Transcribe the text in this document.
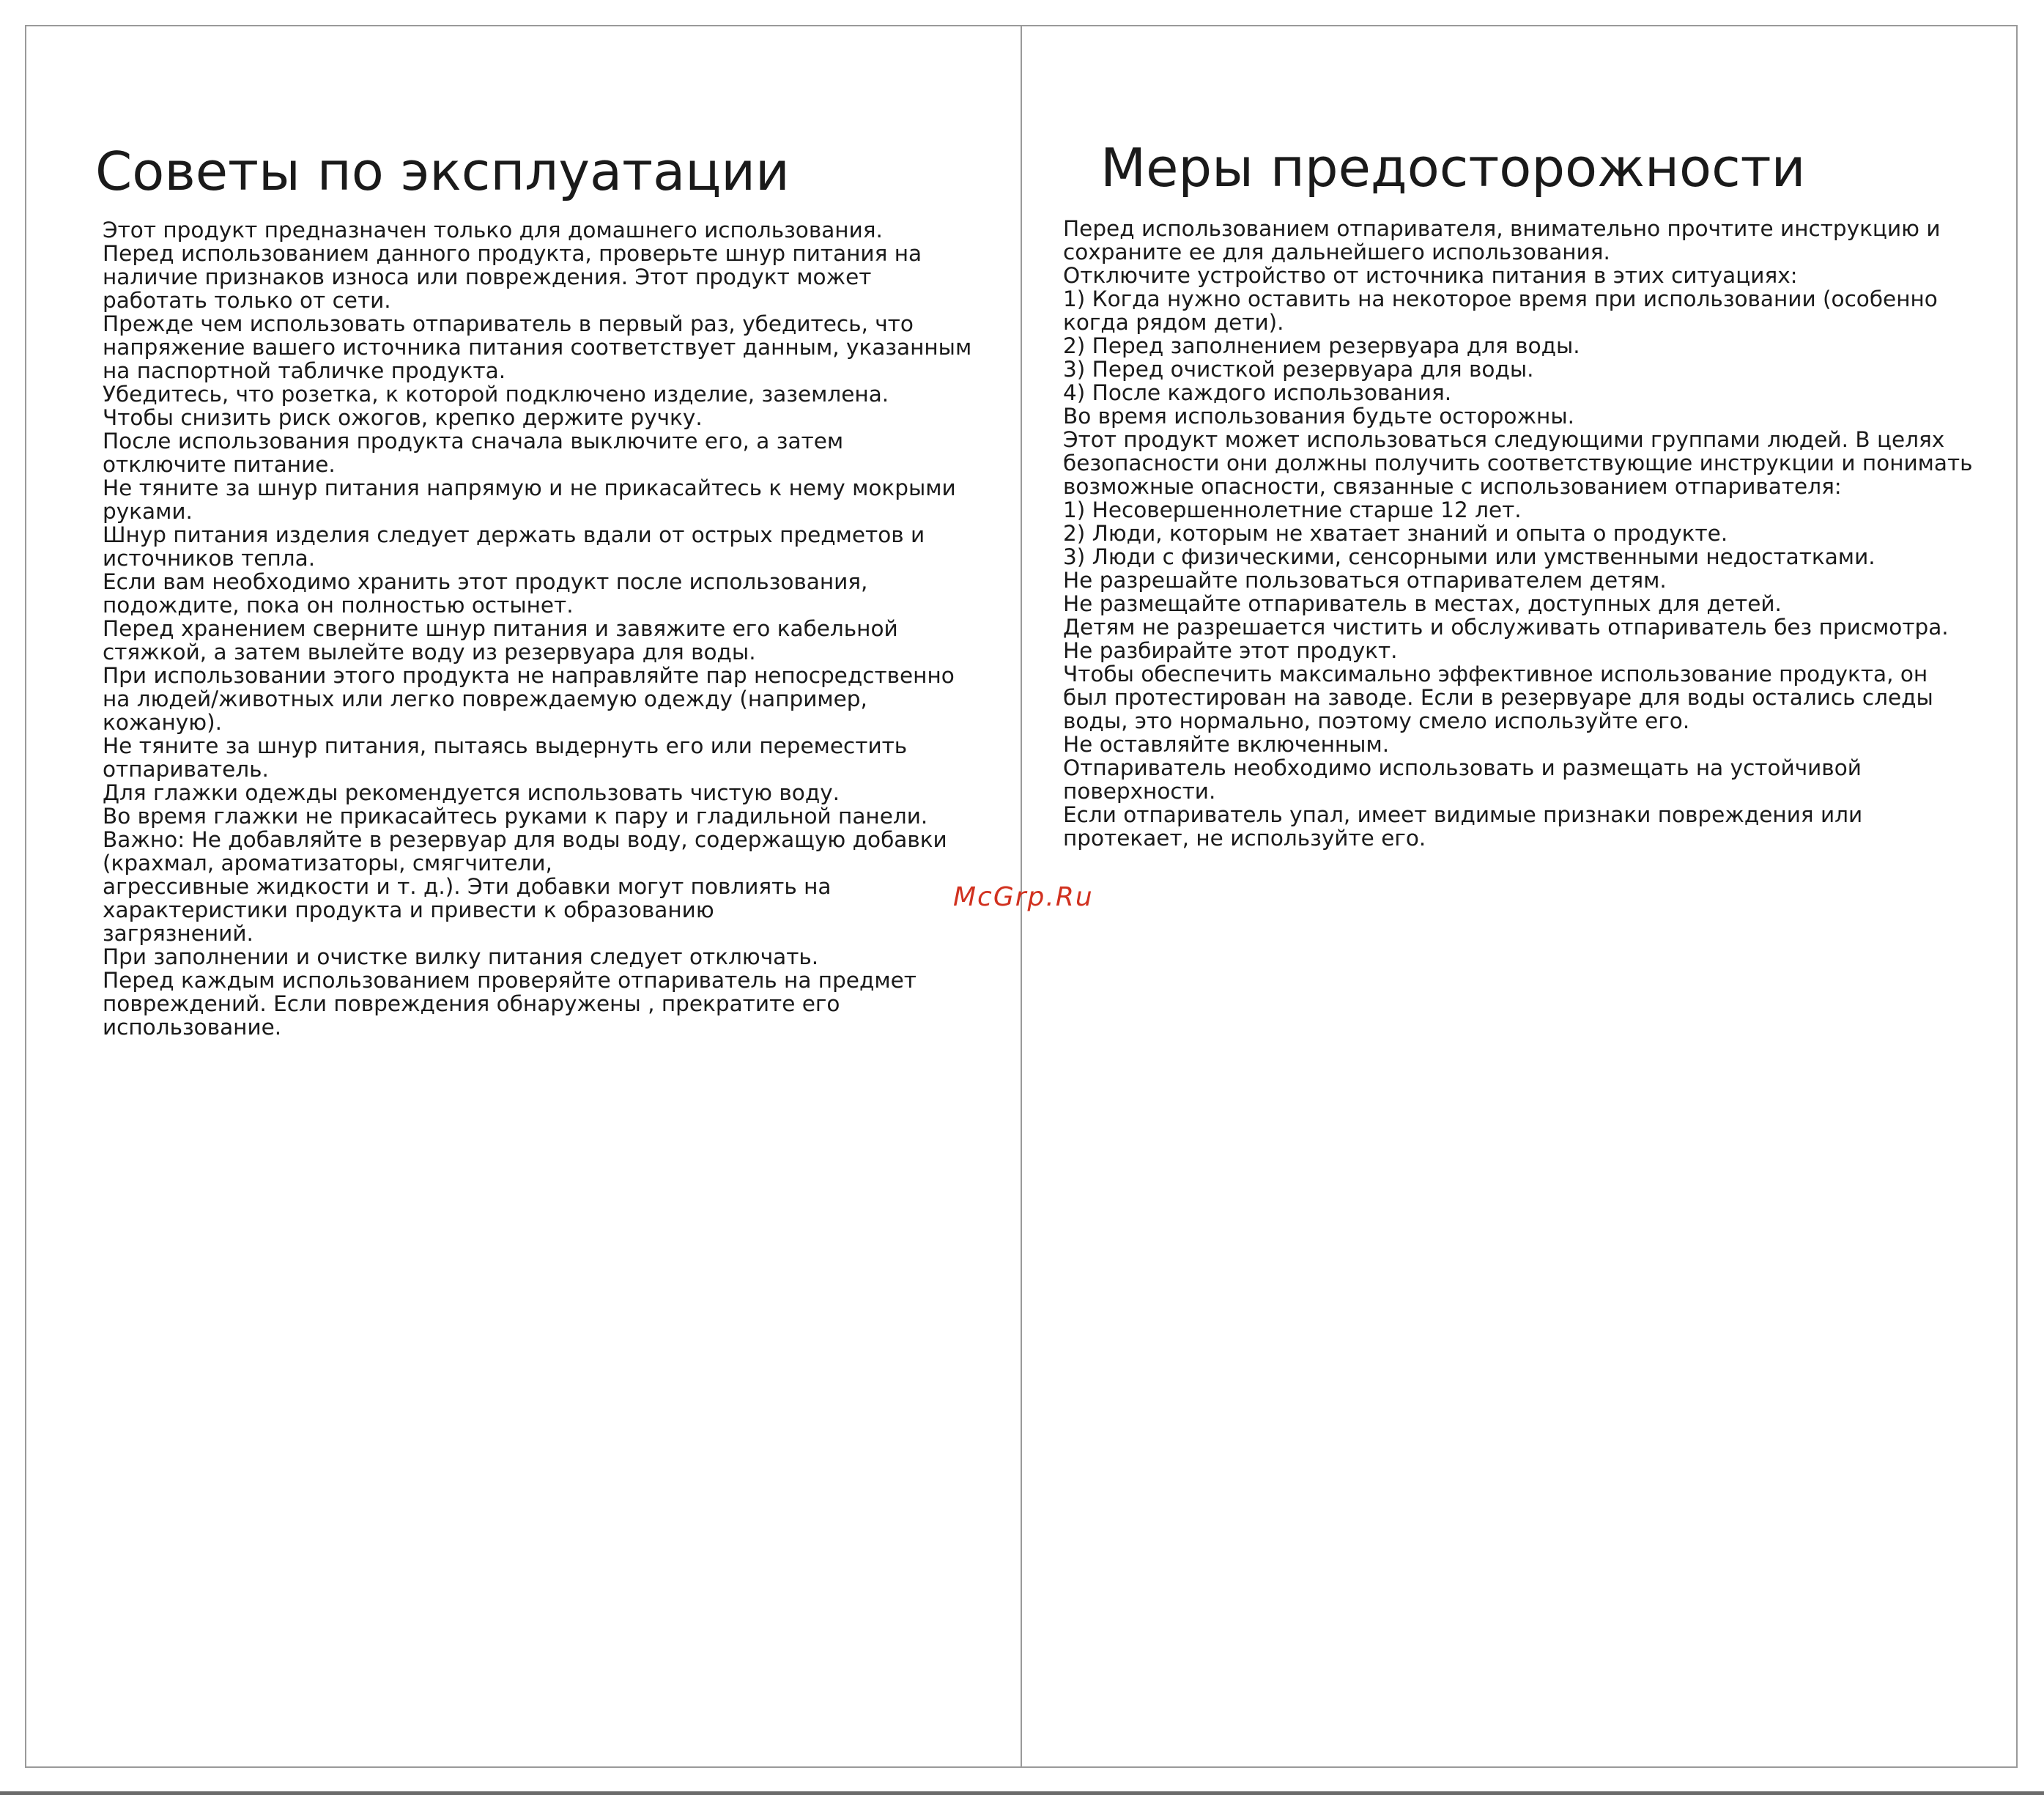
Советы по эксплуатации
Этот продукт предназначен только для домашнего использования.
Перед использованием данного продукта, проверьте шнур питания на
наличие признаков износа или повреждения. Этот продукт может
работать только от сети.
Прежде чем использовать отпариватель в первый раз, убедитесь, что
напряжение вашего источника питания соответствует данным, указанным
на паспортной табличке продукта.
Убедитесь, что розетка, к которой подключено изделие, заземлена.
Чтобы снизить риск ожогов, крепко держите ручку.
После использования продукта сначала выключите его, а затем
отключите питание.
Не тяните за шнур питания напрямую и не прикасайтесь к нему мокрыми
руками.
Шнур питания изделия следует держать вдали от острых предметов и
источников тепла.
Если вам необходимо хранить этот продукт после использования,
подождите, пока он полностью остынет.
Перед хранением сверните шнур питания и завяжите его кабельной
стяжкой, а затем вылейте воду из резервуара для воды.
При использовании этого продукта не направляйте пар непосредственно
на людей/животных или легко повреждаемую одежду (например,
кожаную).
Не тяните за шнур питания, пытаясь выдернуть его или переместить
отпариватель.
Для глажки одежды рекомендуется использовать чистую воду.
Во время глажки не прикасайтесь руками к пару и гладильной панели.
Важно: Не добавляйте в резервуар для воды воду, содержащую добавки
(крахмал, ароматизаторы, смягчители,
агрессивные жидкости и т. д.). Эти добавки могут повлиять на
характеристики продукта и привести к образованию
загрязнений.
При заполнении и очистке вилку питания следует отключать.
Перед каждым использованием проверяйте отпариватель на предмет
повреждений. Если повреждения обнаружены , прекратите его
использование.
Меры предосторожности
Перед использованием отпаривателя, внимательно прочтите инструкцию и
сохраните ее для дальнейшего использования.
Отключите устройство от источника питания в этих ситуациях:
1) Когда нужно оставить на некоторое время при использовании (особенно
когда рядом дети).
2) Перед заполнением резервуара для воды.
3) Перед очисткой резервуара для воды.
4) После каждого использования.
Во время использования будьте осторожны.
Этот продукт может использоваться следующими группами людей. В целях
безопасности они должны получить соответствующие инструкции и понимать
возможные опасности, связанные с использованием отпаривателя:
1) Несовершеннолетние старше 12 лет.
2) Люди, которым не хватает знаний и опыта о продукте.
3) Люди с физическими, сенсорными или умственными недостатками.
Не разрешайте пользоваться отпаривателем детям.
Не размещайте отпариватель в местах, доступных для детей.
Детям не разрешается чистить и обслуживать отпариватель без присмотра.
Не разбирайте этот продукт.
Чтобы обеспечить максимально эффективное использование продукта, он
был протестирован на заводе. Если в резервуаре для воды остались следы
воды, это нормально, поэтому смело используйте его.
Не оставляйте включенным.
Отпариватель необходимо использовать и размещать на устойчивой
поверхности.
Если отпариватель упал, имеет видимые признаки повреждения или
протекает, не используйте его.
McGrp.Ru
